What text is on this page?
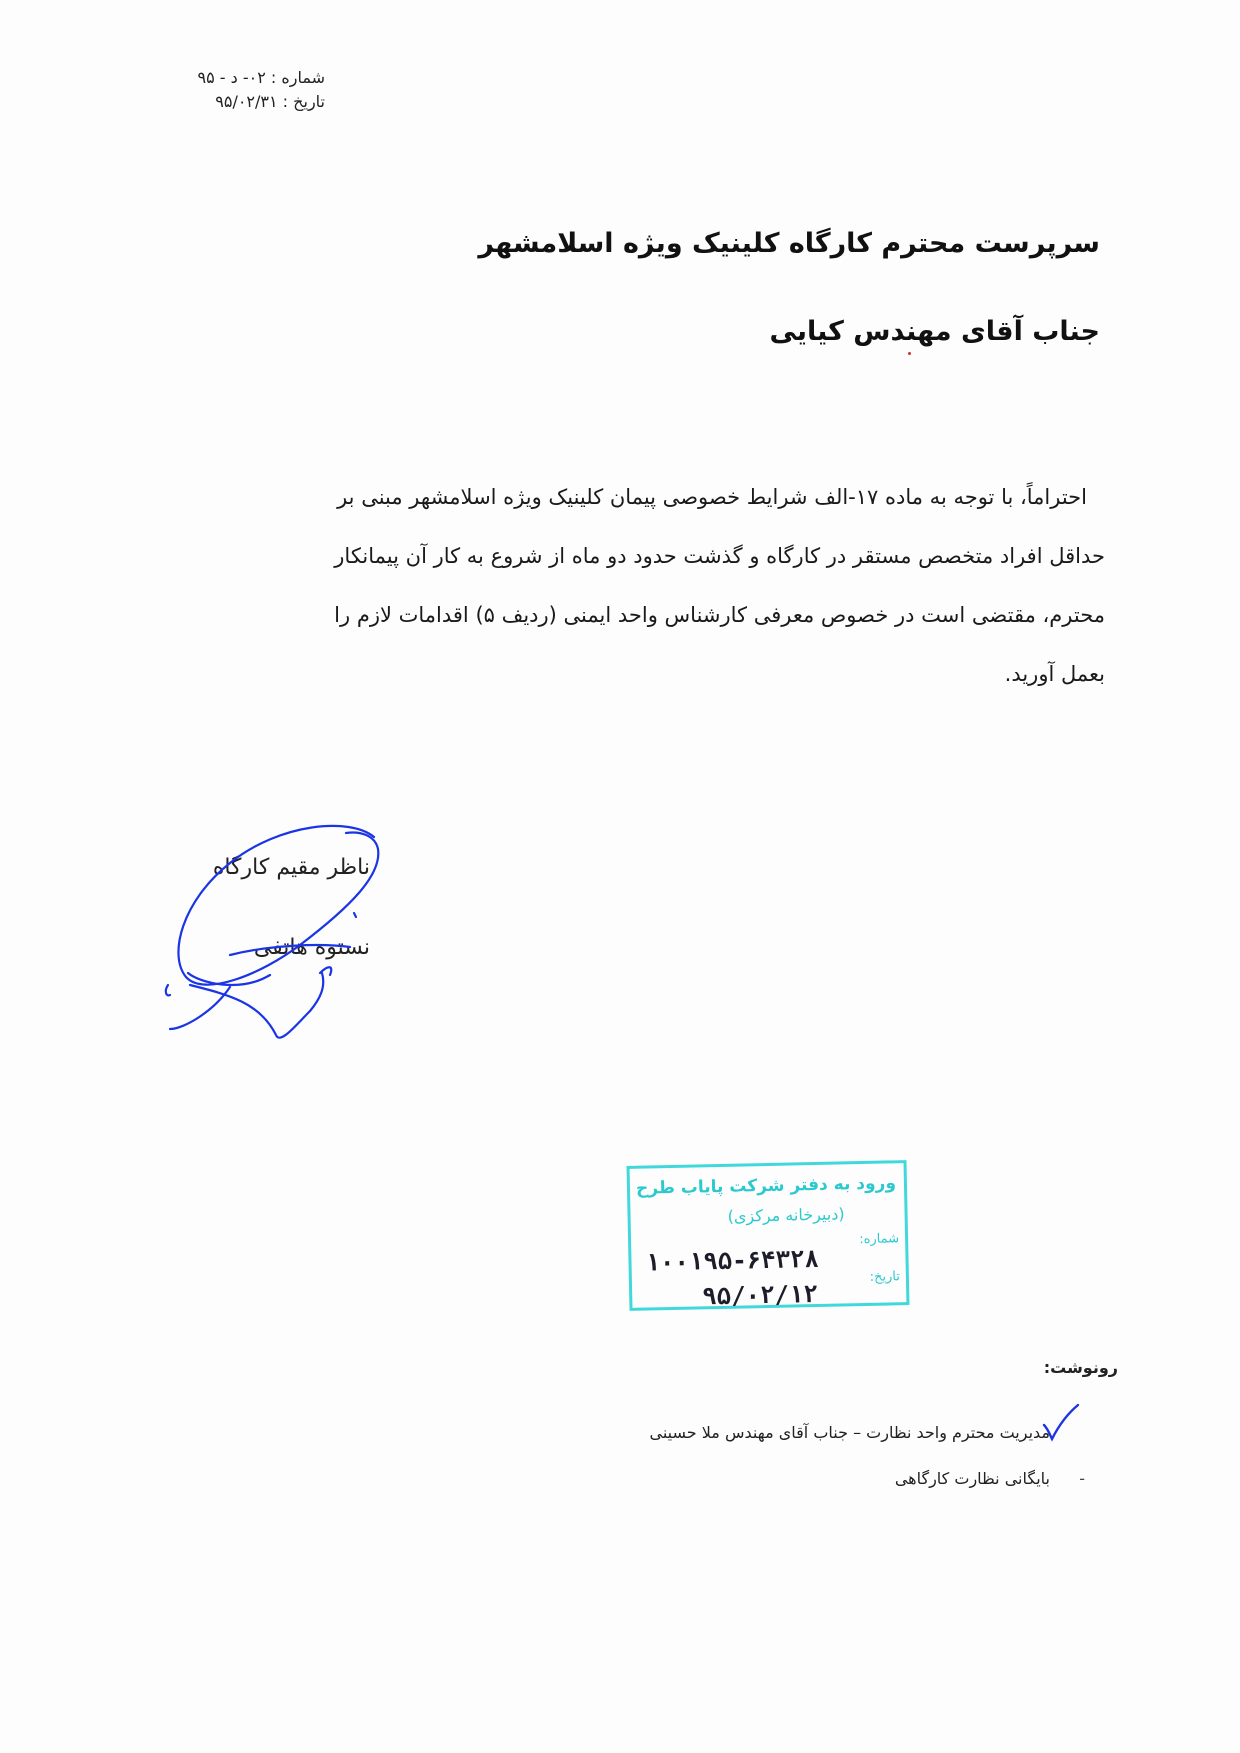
شماره : ۰۲- د - ۹۵
تاریخ : ۹۵/۰۲/۳۱
سرپرست محترم کارگاه کلینیک ویژه اسلامشهر
جناب آقای مهندس کیایی
احتراماً، با توجه به ماده ۱۷-الف شرایط خصوصی پیمان کلینیک ویژه اسلامشهر مبنی بر
حداقل افراد متخصص مستقر در کارگاه و گذشت حدود دو ماه از شروع به کار آن پیمانکار
محترم، مقتضی است در خصوص معرفی کارشناس واحد ایمنی (ردیف ۵) اقدامات لازم را
بعمل آورید.
ناظر مقیم کارگاه
نستوه هاتفی
ورود به دفتر شرکت پایاب طرح
(دبیرخانه مرکزی)
شماره:
۱۰۰۱۹۵-۶۴۳۲۸
تاریخ:
۹۵/۰۲/۱۲
رونوشت:
مدیریت محترم واحد نظارت – جناب آقای مهندس ملا حسینی
-
بایگانی نظارت کارگاهی
